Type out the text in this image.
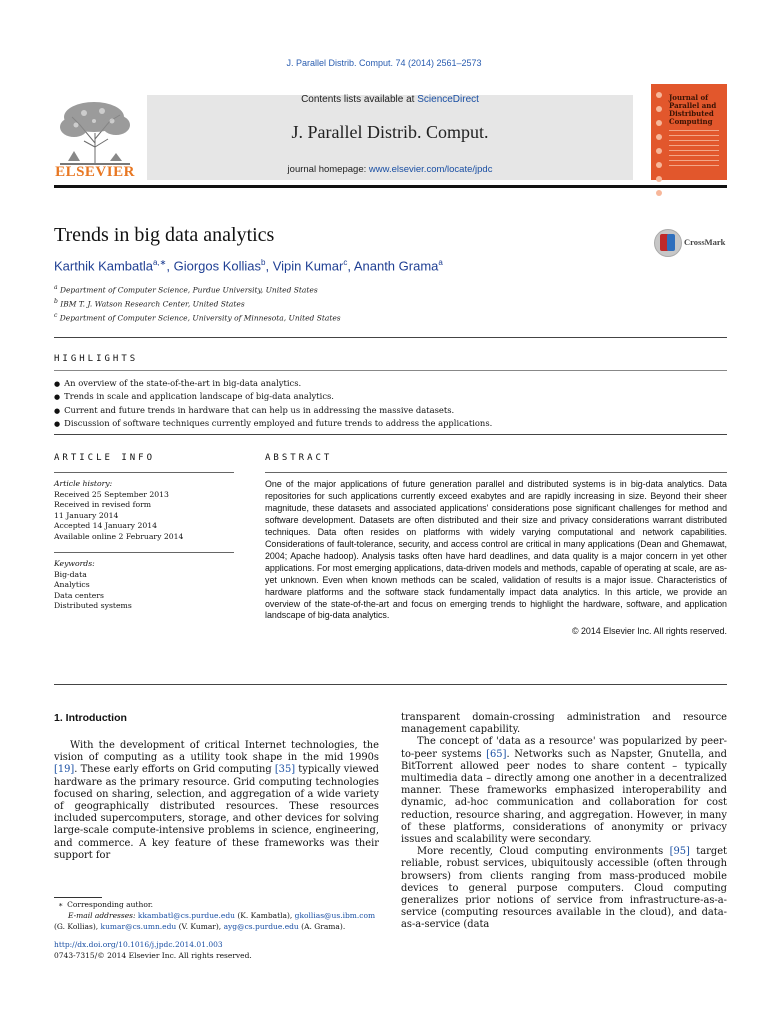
J. Parallel Distrib. Comput. 74 (2014) 2561–2573
ELSEVIER
Contents lists available at ScienceDirect
J. Parallel Distrib. Comput.
journal homepage: www.elsevier.com/locate/jpdc
Journal of Parallel and Distributed Computing
Trends in big data analytics	CrossMark
Karthik Kambatla$^{a,∗}$, Giorgos Kollias$^b$, Vipin Kumar$^c$, Ananth Grama$^a$
$^a$ Department of Computer Science, Purdue University, United States
$^b$ IBM T. J. Watson Research Center, United States
$^c$ Department of Computer Science, University of Minnesota, United States
HIGHLIGHTS
● An overview of the state-of-the-art in big-data analytics.
● Trends in scale and application landscape of big-data analytics.
● Current and future trends in hardware that can help us in addressing the massive datasets.
● Discussion of software techniques currently employed and future trends to address the applications.
ARTICLE INFO
Article history:
Received 25 September 2013
Received in revised form
11 January 2014
Accepted 14 January 2014
Available online 2 February 2014
Keywords:
Big-data
Analytics
Data centers
Distributed systems
ABSTRACT
One of the major applications of future generation parallel and distributed systems is in big-data analytics. Data repositories for such applications currently exceed exabytes and are rapidly increasing in size. Beyond their sheer magnitude, these datasets and associated applications' considerations pose significant challenges for method and software development. Datasets are often distributed and their size and privacy considerations warrant distributed techniques. Data often resides on platforms with widely varying computational and network capabilities. Considerations of fault-tolerance, security, and access control are critical in many applications (Dean and Ghemawat, 2004; Apache hadoop). Analysis tasks often have hard deadlines, and data quality is a major concern in yet other applications. For most emerging applications, data-driven models and methods, capable of operating at scale, are as-yet unknown. Even when known methods can be scaled, validation of results is a major issue. Characteristics of hardware platforms and the software stack fundamentally impact data analytics. In this article, we provide an overview of the state-of-the-art and focus on emerging trends to highlight the hardware, software, and application landscape of big-data analytics.
© 2014 Elsevier Inc. All rights reserved.
1. Introduction

With the development of critical Internet technologies, the vision of computing as a utility took shape in the mid 1990s [19]. These early efforts on Grid computing [35] typically viewed hardware as the primary resource. Grid computing technologies focused on sharing, selection, and aggregation of a wide variety of geographically distributed resources. These resources included supercomputers, storage, and other devices for solving large-scale compute-intensive problems in science, engineering, and commerce. A key feature of these frameworks was their support for

transparent domain-crossing administration and resource management capability.

The concept of 'data as a resource' was popularized by peer-to-peer systems [65]. Networks such as Napster, Gnutella, and BitTorrent allowed peer nodes to share content – typically multimedia data – directly among one another in a decentralized manner. These frameworks emphasized interoperability and dynamic, ad-hoc communication and collaboration for cost reduction, resource sharing, and aggregation. However, in many of these platforms, considerations of anonymity or privacy issues and scalability were secondary.

More recently, Cloud computing environments [95] target reliable, robust services, ubiquitously accessible (often through browsers) from clients ranging from mass-produced mobile devices to general purpose computers. Cloud computing generalizes prior notions of service from infrastructure-as-a-service (computing resources available in the cloud), and data-as-a-service (data

∗ Corresponding author.
E-mail addresses: kkambatl@cs.purdue.edu (K. Kambatla), gkollias@us.ibm.com (G. Kollias), kumar@cs.umn.edu (V. Kumar), ayg@cs.purdue.edu (A. Grama).
http://dx.doi.org/10.1016/j.jpdc.2014.01.003
0743-7315/© 2014 Elsevier Inc. All rights reserved.
